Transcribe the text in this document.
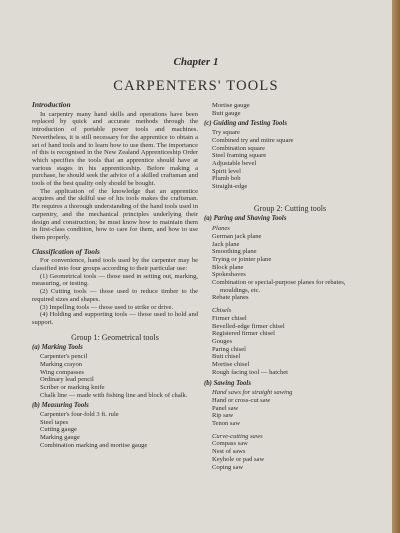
Chapter 1
CARPENTERS' TOOLS
Introduction

In carpentry many hand skills and operations have been replaced by quick and accurate methods through the introduction of portable power tools and machines. Nevertheless, it is still necessary for the apprentice to obtain a set of hand tools and to learn how to use them. The importance of this is recognised in the New Zealand Apprenticeship Order which specifies the tools that an apprentice should have at various stages in his apprenticeship. Before making a purchase, he should seek the advice of a skilled craftsman and tools of the best quality only should be bought.

The application of the knowledge that an apprentice acquires and the skilful use of his tools makes the craftsman. He requires a thorough understanding of the hand tools used in carpentry, and the mechanical principles underlying their design and construction; he must know how to maintain them in first-class condition, how to care for them, and how to use them properly.

Classification of Tools

For convenience, hand tools used by the carpenter may be classified into four groups according to their particular use:

(1) Geometrical tools — those used in setting out, marking, measuring, or testing.

(2) Cutting tools — those used to reduce timber to the required sizes and shapes.

(3) Impelling tools — those used to strike or drive.

(4) Holding and supporting tools — those used to hold and support.

Group 1: Geometrical tools
(a) Marking Tools
Carpenter's pencil
Marking crayon
Wing compasses
Ordinary lead pencil
Scriber or marking knife
Chalk line — made with fishing line and block of chalk.
(b) Measuring Tools
Carpenter's four-fold 3 ft. rule
Steel tapes
Cutting gauge
Marking gauge
Combination marking and mortise gauge
Mortise gauge
Butt gauge
(c) Guiding and Testing Tools
Try square
Combined try and mitre square
Combination square
Steel framing square
Adjustable bevel
Spirit level
Plumb bob
Straight-edge
Group 2: Cutting tools
(a) Paring and Shaving Tools
Planes
German jack plane
Jack plane
Smoothing plane
Trying or jointer plane
Block plane
Spokeshaves
Combination or special-purpose planes for rebates, mouldings, etc.
Rebate planes
Chisels
Firmer chisel
Bevelled-edge firmer chisel
Registered firmer chisel
Gouges
Paring chisel
Butt chisel
Mortise chisel
Rough facing tool — hatchet
(b) Sawing Tools
Hand saws for straight sawing
Hand or cross-cut saw
Panel saw
Rip saw
Tenon saw
Curve-cutting saws
Compass saw
Nest of saws
Keyhole or pad saw
Coping saw
